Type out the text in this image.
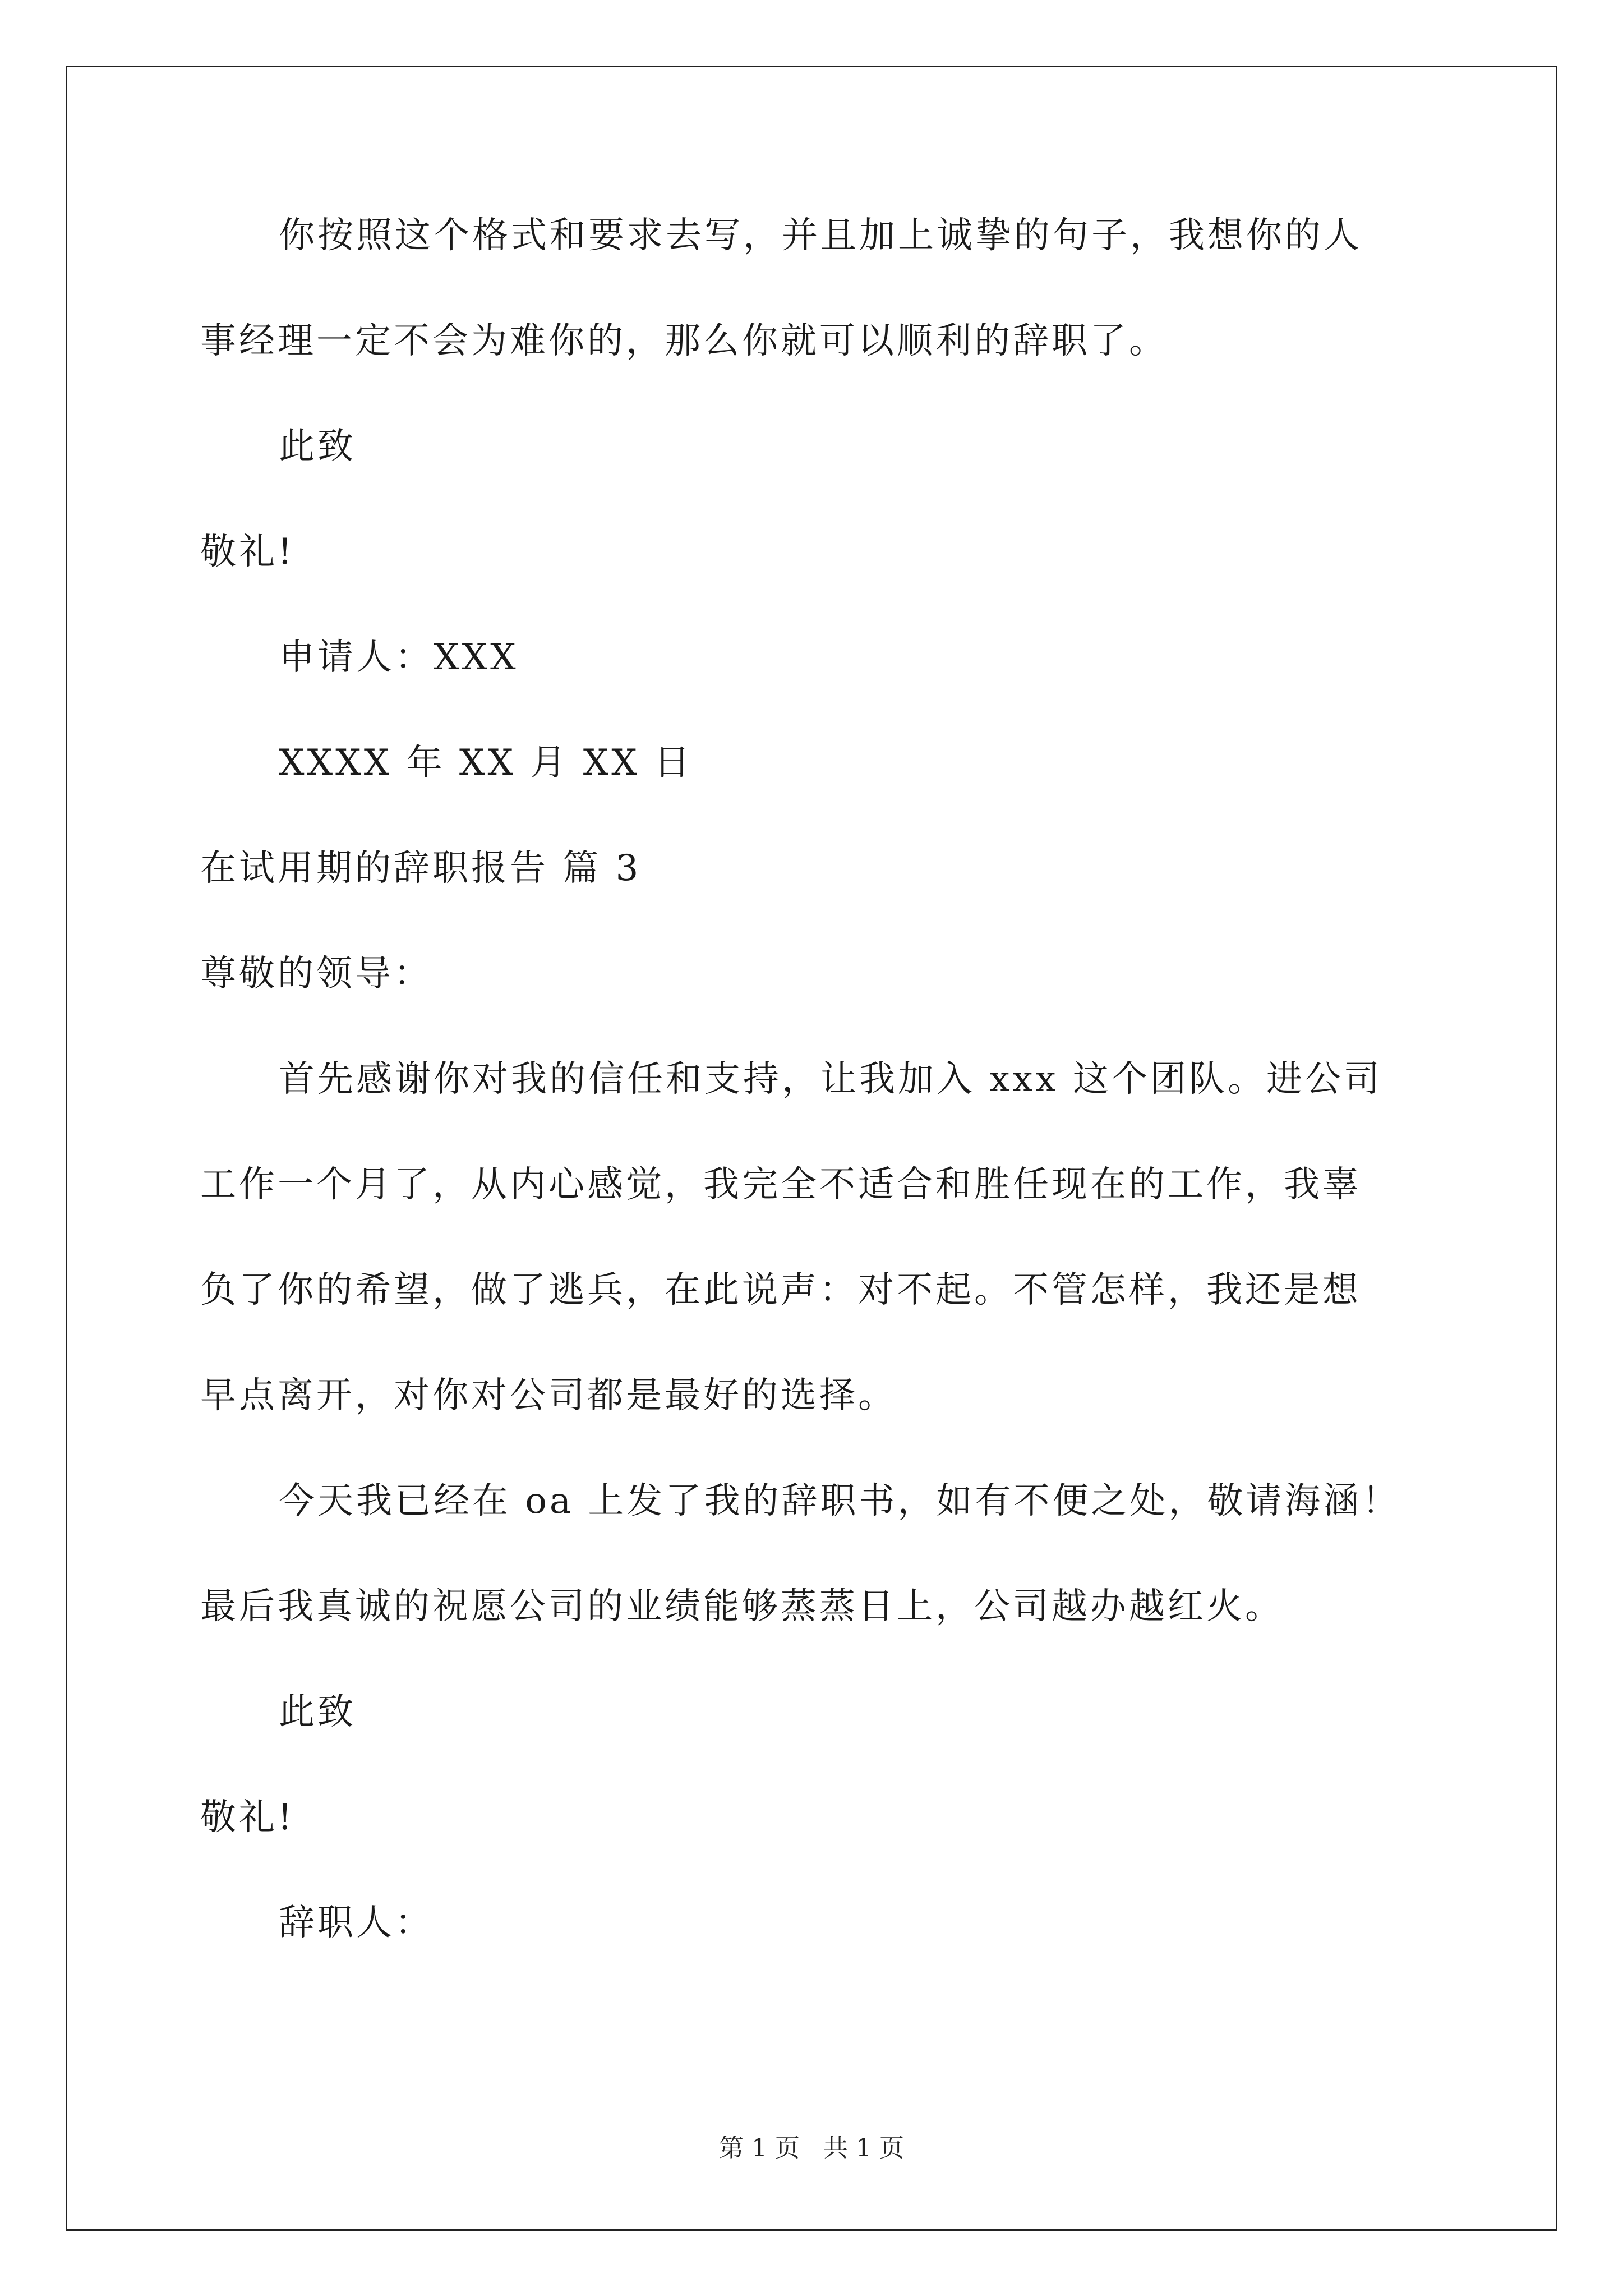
你按照这个格式和要求去写，并且加上诚挚的句子，我想你的人
事经理一定不会为难你的，那么你就可以顺利的辞职了。
此致
敬礼!
申请人：XXX
XXXX 年 XX 月 XX 日
在试用期的辞职报告 篇 3
尊敬的领导：
首先感谢你对我的信任和支持，让我加入 xxx 这个团队。进公司
工作一个月了，从内心感觉，我完全不适合和胜任现在的工作，我辜
负了你的希望，做了逃兵，在此说声：对不起。不管怎样，我还是想
早点离开，对你对公司都是最好的选择。
今天我已经在 oa 上发了我的辞职书，如有不便之处，敬请海涵！
最后我真诚的祝愿公司的业绩能够蒸蒸日上，公司越办越红火。
此致
敬礼!
辞职人：
第 1 页   共 1 页
